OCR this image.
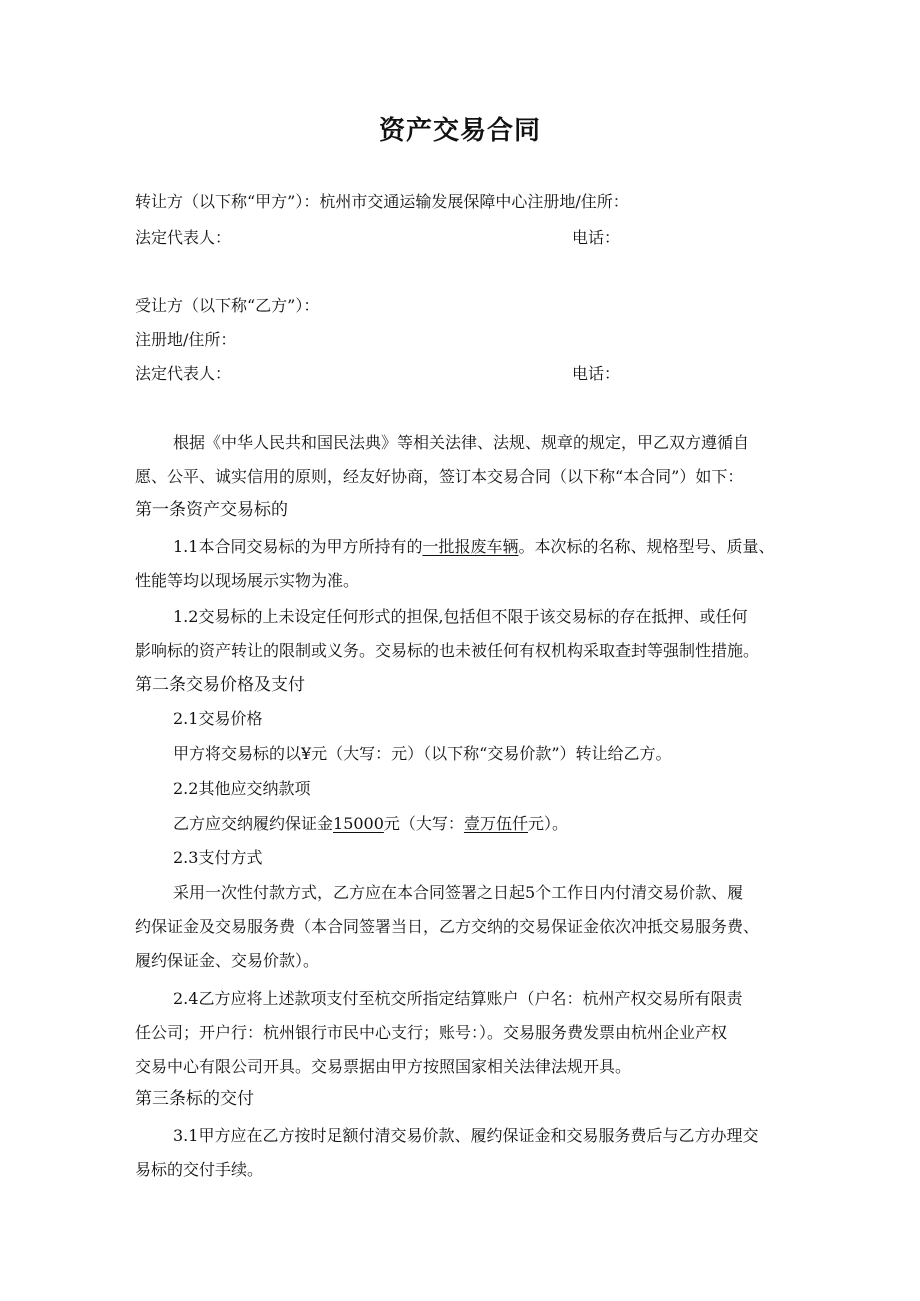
资产交易合同
转让方（以下称“甲方”）：杭州市交通运输发展保障中心注册地/住所：
法定代表人：	电话：
受让方（以下称“乙方”）：
注册地/住所：
法定代表人：	电话：
根据《中华人民共和国民法典》等相关法律、法规、规章的规定，甲乙双方遵循自
愿、公平、诚实信用的原则，经友好协商，签订本交易合同（以下称“本合同”）如下：
第一条资产交易标的
1.1本合同交易标的为甲方所持有的一批报废车辆。本次标的名称、规格型号、质量、
性能等均以现场展示实物为准。
1.2交易标的上未设定任何形式的担保,包括但不限于该交易标的存在抵押、或任何
影响标的资产转让的限制或义务。交易标的也未被任何有权机构采取查封等强制性措施。
第二条交易价格及支付
2.1交易价格
甲方将交易标的以¥元（大写：元）（以下称“交易价款”）转让给乙方。
2.2其他应交纳款项
乙方应交纳履约保证金15000元（大写：壹万伍仟元）。
2.3支付方式
采用一次性付款方式，乙方应在本合同签署之日起5个工作日内付清交易价款、履
约保证金及交易服务费（本合同签署当日，乙方交纳的交易保证金依次冲抵交易服务费、
履约保证金、交易价款）。
2.4乙方应将上述款项支付至杭交所指定结算账户（户名：杭州产权交易所有限责
任公司；开户行：杭州银行市民中心支行；账号：）。交易服务费发票由杭州企业产权
交易中心有限公司开具。交易票据由甲方按照国家相关法律法规开具。
第三条标的交付
3.1甲方应在乙方按时足额付清交易价款、履约保证金和交易服务费后与乙方办理交
易标的交付手续。
